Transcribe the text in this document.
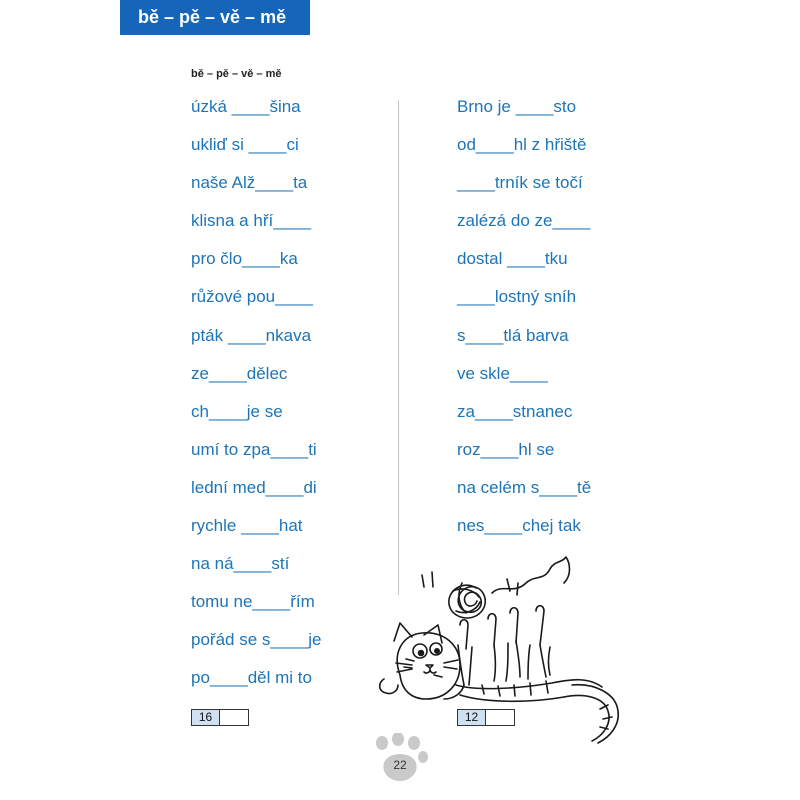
bě – pě – vě – mě
bě – pě – vě – mě
úzká ____šina
ukliď si ____ci
naše Alž____ta
klisna a hří____
pro člo____ka
růžové pou____
pták ____nkava
ze____dělec
ch____je se
umí to zpa____ti
lední med____di
rychle ____hat
na ná____stí
tomu ne____řím
pořád se s____je
po____děl mi to
Brno je ____sto
od____hl z hřiště
____trník se točí
zalézá do ze____
dostal ____tku
____lostný sníh
s____tlá barva
ve skle____
za____stnanec
roz____hl se
na celém s____tě
nes____chej tak
16	12
22
